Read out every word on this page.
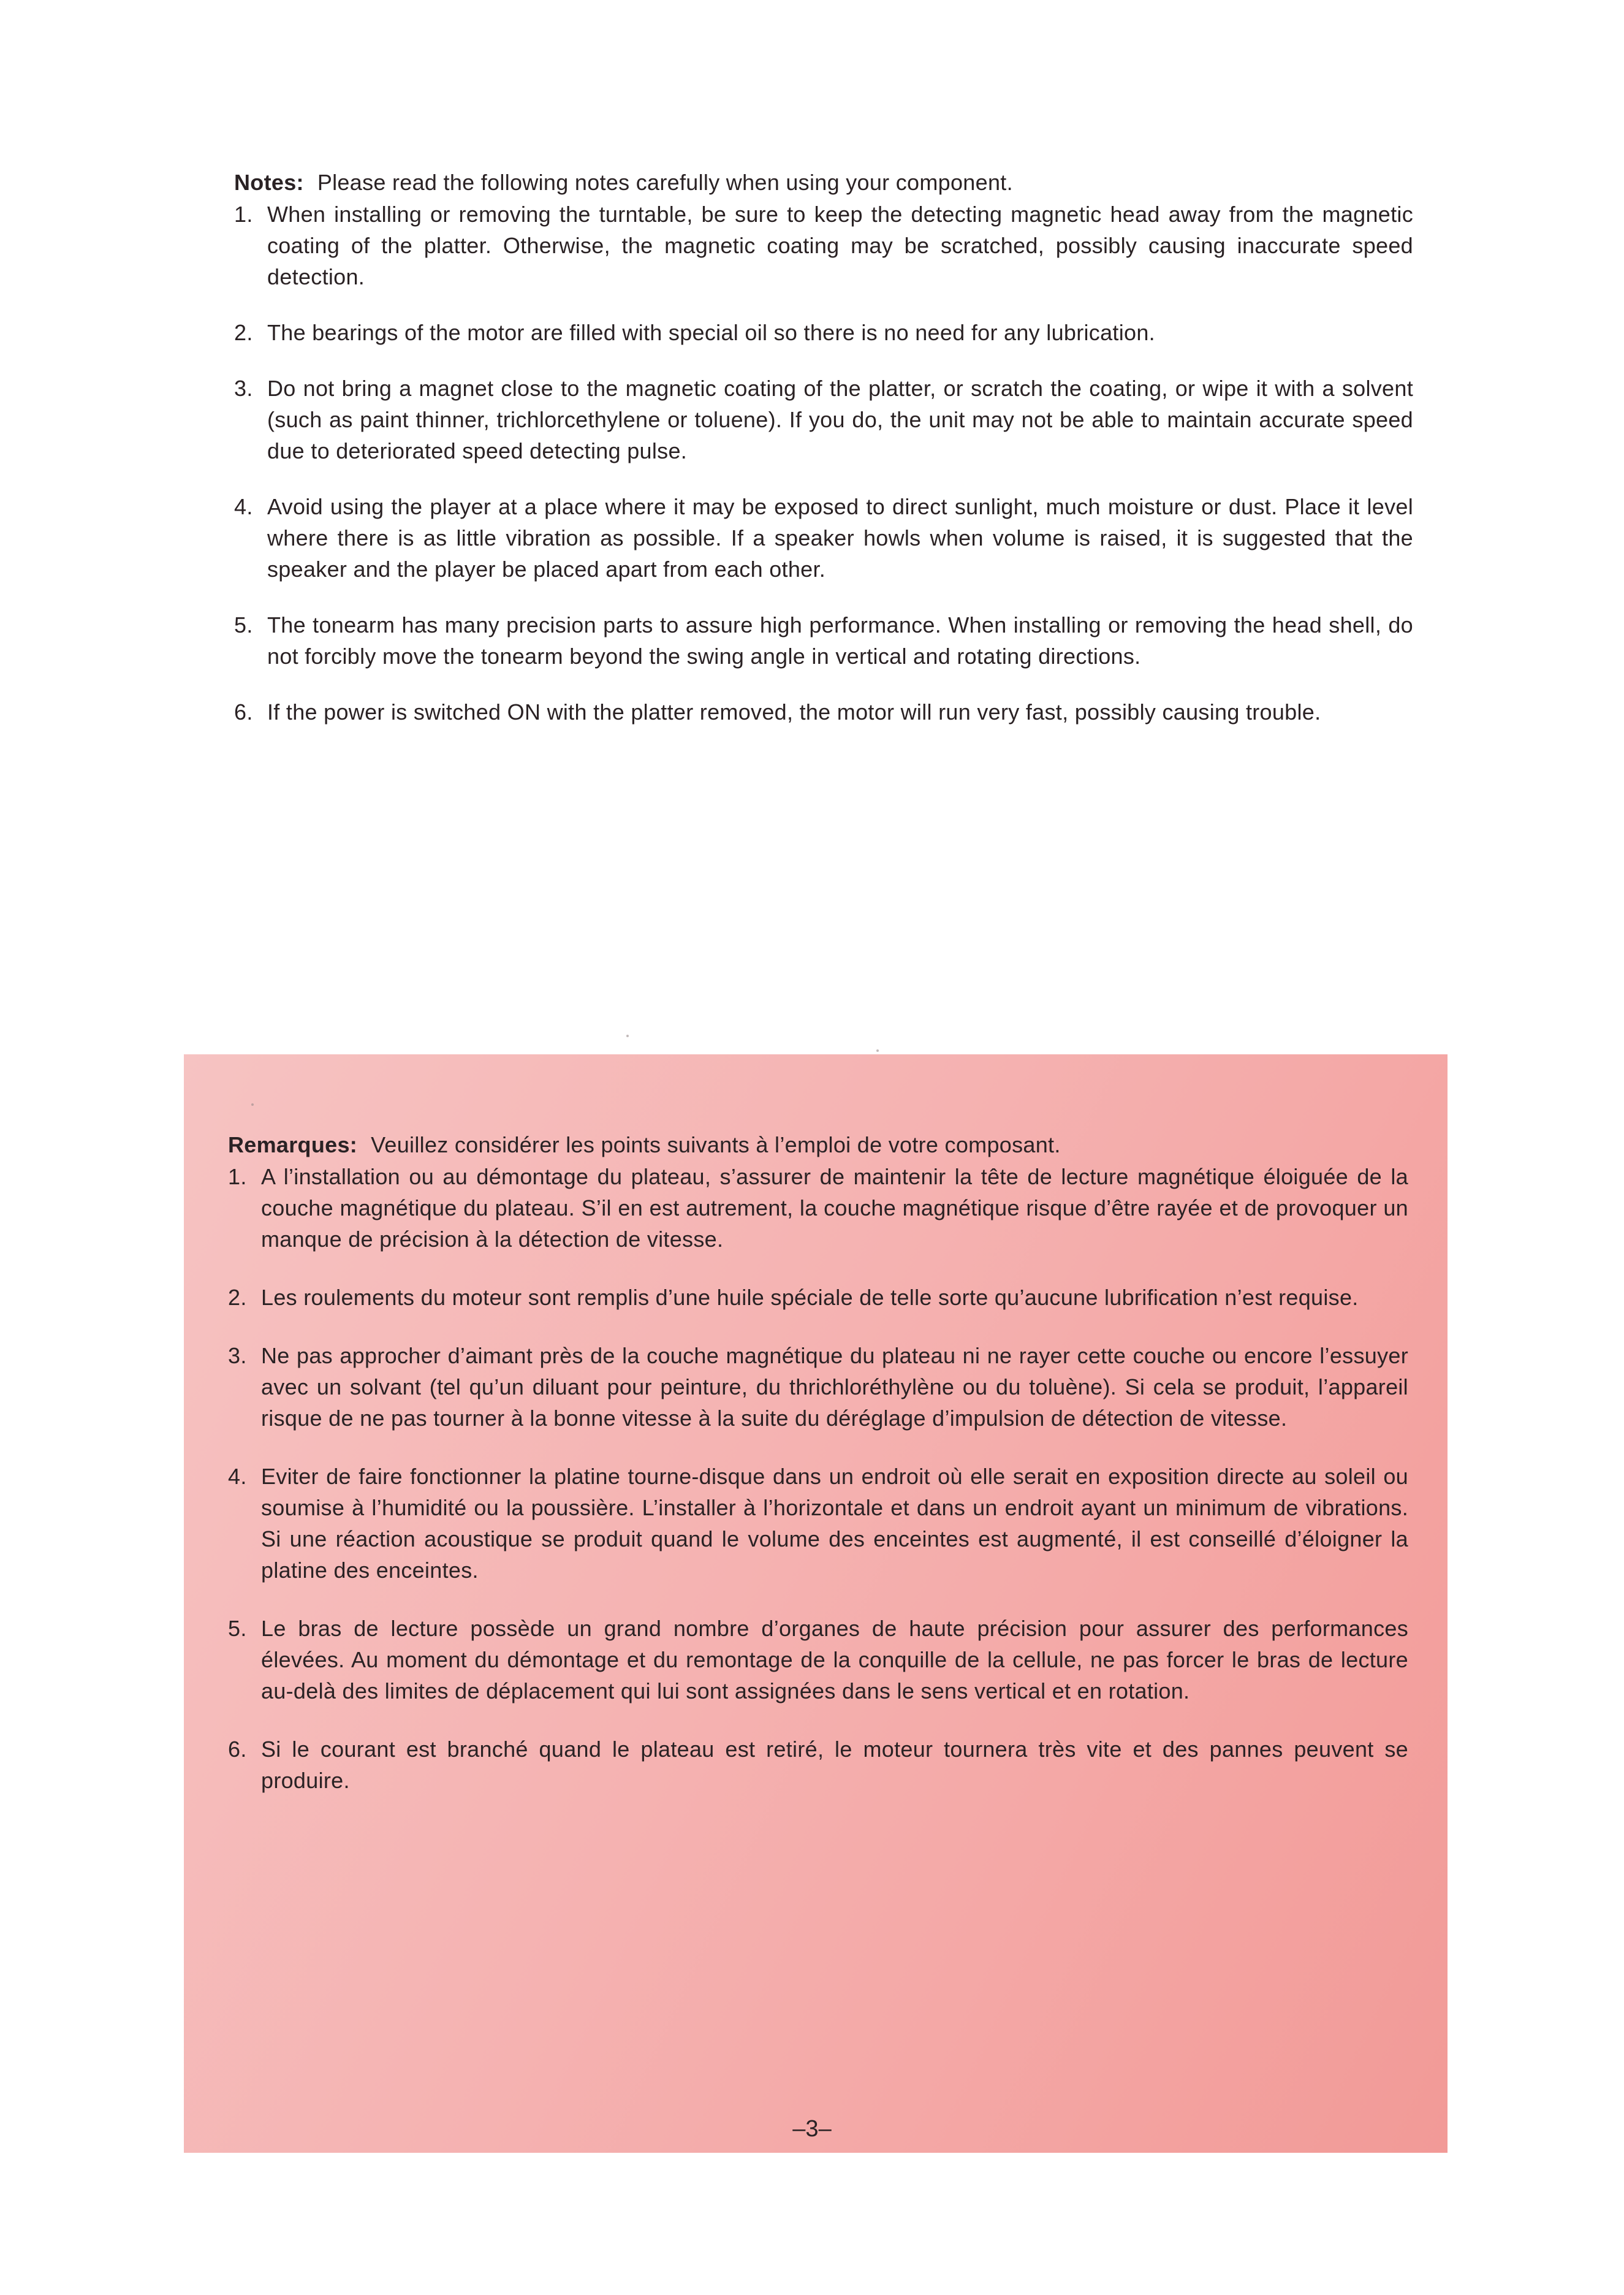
Notes: Please read the following notes carefully when using your component.

1. When installing or removing the turntable, be sure to keep the detecting magnetic head away from the magnetic coating of the platter. Otherwise, the magnetic coating may be scratched, possibly causing inaccurate speed detection.
2. The bearings of the motor are filled with special oil so there is no need for any lubrication.
3. Do not bring a magnet close to the magnetic coating of the platter, or scratch the coating, or wipe it with a solvent (such as paint thinner, trichlorcethylene or toluene). If you do, the unit may not be able to maintain accurate speed due to deteriorated speed detecting pulse.
4. Avoid using the player at a place where it may be exposed to direct sunlight, much moisture or dust. Place it level where there is as little vibration as possible. If a speaker howls when volume is raised, it is suggested that the speaker and the player be placed apart from each other.
5. The tonearm has many precision parts to assure high performance. When installing or removing the head shell, do not forcibly move the tonearm beyond the swing angle in vertical and rotating directions.
6. If the power is switched ON with the platter removed, the motor will run very fast, possibly causing trouble.

Remarques: Veuillez considérer les points suivants à l’emploi de votre composant.

1. A l’installation ou au démontage du plateau, s’assurer de maintenir la tête de lecture magnétique éloiguée de la couche magnétique du plateau. S’il en est autrement, la couche magnétique risque d’être rayée et de provoquer un manque de précision à la détection de vitesse.
2. Les roulements du moteur sont remplis d’une huile spéciale de telle sorte qu’aucune lubrification n’est requise.
3. Ne pas approcher d’aimant près de la couche magnétique du plateau ni ne rayer cette couche ou encore l’essuyer avec un solvant (tel qu’un diluant pour peinture, du thrichloréthylène ou du toluène). Si cela se produit, l’appareil risque de ne pas tourner à la bonne vitesse à la suite du déréglage d’impulsion de détection de vitesse.
4. Eviter de faire fonctionner la platine tourne-disque dans un endroit où elle serait en exposition directe au soleil ou soumise à l’humidité ou la poussière. L’installer à l’horizontale et dans un endroit ayant un minimum de vibrations. Si une réaction acoustique se produit quand le volume des enceintes est augmenté, il est conseillé d’éloigner la platine des enceintes.
5. Le bras de lecture possède un grand nombre d’organes de haute précision pour assurer des performances élevées. Au moment du démontage et du remontage de la conquille de la cellule, ne pas forcer le bras de lecture au-delà des limites de déplacement qui lui sont assignées dans le sens vertical et en rotation.
6. Si le courant est branché quand le plateau est retiré, le moteur tournera très vite et des pannes peuvent se produire.
–3–
